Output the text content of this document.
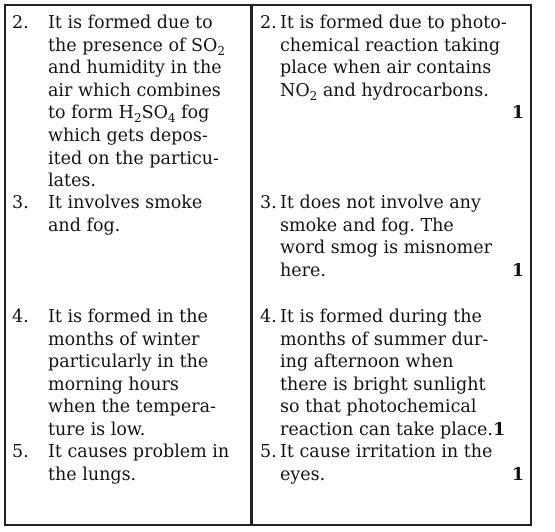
2. It is formed due to
the presence of $SO_2$
and humidity in the
air which combines
to form $H_2SO_4$ fog
which gets depos-
ited on the particu-
lates.
3. It involves smoke
and fog.
4. It is formed in the
months of winter
particularly in the
morning hours
when the tempera-
ture is low.
5. It causes problem in
the lungs.
2. It is formed due to photo-
chemical reaction taking
place when air contains
$NO_2$ and hydrocarbons.
1
3. It does not involve any
smoke and fog. The
word smog is misnomer
here.	1
4. It is formed during the
months of summer dur-
ing afternoon when
there is bright sunlight
so that photochemical
reaction can take place.1
5. It cause irritation in the
eyes.	1
